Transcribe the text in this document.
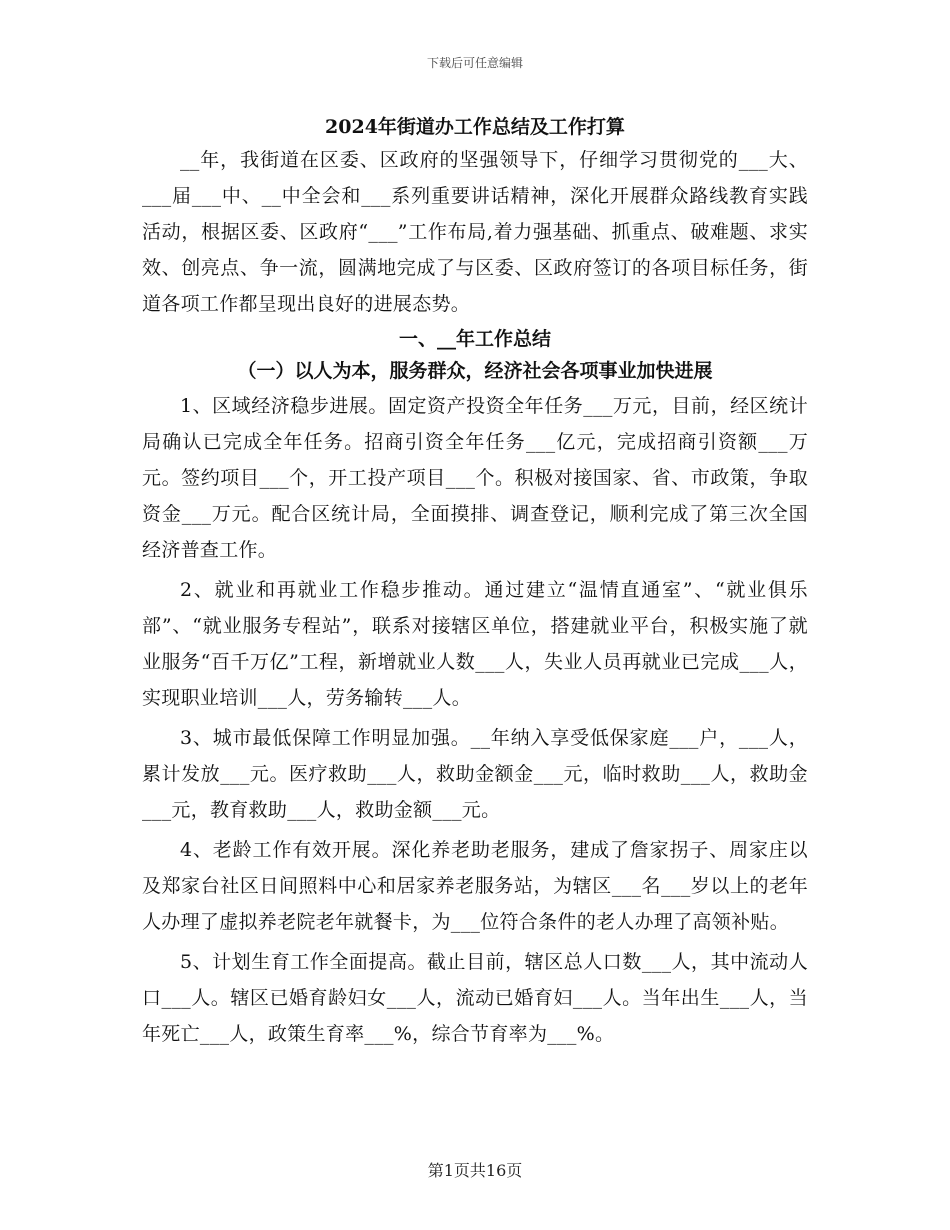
下载后可任意编辑
2024年街道办工作总结及工作打算

__年，我街道在区委、区政府的坚强领导下，仔细学习贯彻党的___大、___届___中、__中全会和___系列重要讲话精神，深化开展群众路线教育实践活动，根据区委、区政府“___”工作布局,着力强基础、抓重点、破难题、求实效、创亮点、争一流，圆满地完成了与区委、区政府签订的各项目标任务，街道各项工作都呈现出良好的进展态势。

一、__年工作总结
（一）以人为本，服务群众，经济社会各项事业加快进展

1、区域经济稳步进展。固定资产投资全年任务___万元，目前，经区统计局确认已完成全年任务。招商引资全年任务___亿元，完成招商引资额___万元。签约项目___个，开工投产项目___个。积极对接国家、省、市政策，争取资金___万元。配合区统计局，全面摸排、调查登记，顺利完成了第三次全国经济普查工作。

2、就业和再就业工作稳步推动。通过建立“温情直通室”、“就业俱乐部”、“就业服务专程站”，联系对接辖区单位，搭建就业平台，积极实施了就业服务“百千万亿”工程，新增就业人数___人，失业人员再就业已完成___人，实现职业培训___人，劳务输转___人。

3、城市最低保障工作明显加强。__年纳入享受低保家庭___户，___人，累计发放___元。医疗救助___人，救助金额金___元，临时救助___人，救助金___元，教育救助___人，救助金额___元。

4、老龄工作有效开展。深化养老助老服务，建成了詹家拐子、周家庄以及郑家台社区日间照料中心和居家养老服务站，为辖区___名___岁以上的老年人办理了虚拟养老院老年就餐卡，为___位符合条件的老人办理了高领补贴。

5、计划生育工作全面提高。截止目前，辖区总人口数___人，其中流动人口___人。辖区已婚育龄妇女___人，流动已婚育妇___人。当年出生___人，当年死亡___人，政策生育率___%，综合节育率为___%。

第1页共16页
